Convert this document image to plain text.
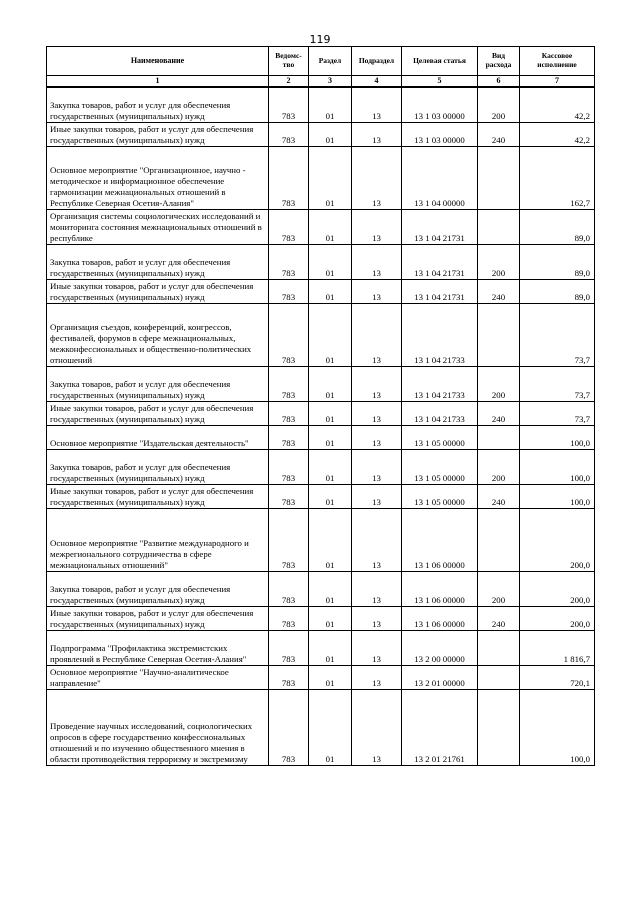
119
Наименование	Ведомс-тво	Раздел	Подраздел	Целевая статья	Вид расхода	Кассовое исполнение
1	2	3	4	5	6	7
Закупка товаров, работ и услуг для обеспечения государственных (муниципальных) нужд	783	01	13	13 1 03 00000	200	42,2
Иные закупки товаров, работ и услуг для обеспечения государственных (муниципальных) нужд	783	01	13	13 1 03 00000	240	42,2
Основное мероприятие "Организационное, научно - методическое и информационное обеспечение гармонизации межнациональных отношений в Республике Северная Осетия-Алания"	783	01	13	13 1 04 00000		162,7
Организация системы социологических исследований и мониторинга состояния межнациональных отношений в республике	783	01	13	13 1 04 21731		89,0
Закупка товаров, работ и услуг для обеспечения государственных (муниципальных) нужд	783	01	13	13 1 04 21731	200	89,0
Иные закупки товаров, работ и услуг для обеспечения государственных (муниципальных) нужд	783	01	13	13 1 04 21731	240	89,0
Организация съездов, конференций, конгрессов, фестивалей, форумов в сфере межнациональных, межконфессиональных и общественно-политических отношений	783	01	13	13 1 04 21733		73,7
Закупка товаров, работ и услуг для обеспечения государственных (муниципальных) нужд	783	01	13	13 1 04 21733	200	73,7
Иные закупки товаров, работ и услуг для обеспечения государственных (муниципальных) нужд	783	01	13	13 1 04 21733	240	73,7
Основное мероприятие "Издательская деятельность"	783	01	13	13 1 05 00000		100,0
Закупка товаров, работ и услуг для обеспечения государственных (муниципальных) нужд	783	01	13	13 1 05 00000	200	100,0
Иные закупки товаров, работ и услуг для обеспечения государственных (муниципальных) нужд	783	01	13	13 1 05 00000	240	100,0
Основное мероприятие "Развитие международного и межрегионального сотрудничества в сфере межнациональных отношений"	783	01	13	13 1 06 00000		200,0
Закупка товаров, работ и услуг для обеспечения государственных (муниципальных) нужд	783	01	13	13 1 06 00000	200	200,0
Иные закупки товаров, работ и услуг для обеспечения государственных (муниципальных) нужд	783	01	13	13 1 06 00000	240	200,0
Подпрограмма "Профилактика экстремистских проявлений в Республике Северная Осетия-Алания"	783	01	13	13 2 00 00000		1 816,7
Основное мероприятие "Научно-аналитическое направление"	783	01	13	13 2 01 00000		720,1
Проведение научных исследований, социологических опросов в сфере государственно конфессиональных отношений и по изучению общественного мнения в области противодействия терроризму и экстремизму	783	01	13	13 2 01 21761		100,0
